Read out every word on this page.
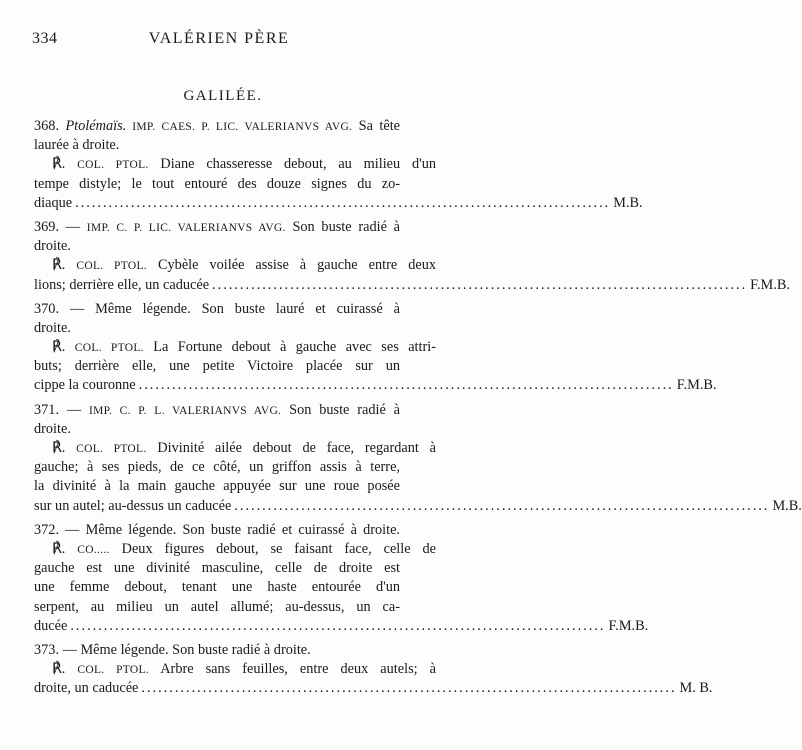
334	VALÉRIEN PÈRE
GALILÉE.
368. Ptolémaïs. IMP. CAES. P. LIC. VALERIANVS AVG. Sa tête
laurée à droite.
℟. COL. PTOL. Diane chasseresse debout, au milieu d'un
tempe distyle; le tout entouré des douze signes du zo-
diaque ................................................................................................ M.B.
369. — IMP. C. P. LIC. VALERIANVS AVG. Son buste radié à
droite.
℟. COL. PTOL. Cybèle voilée assise à gauche entre deux
lions; derrière elle, un caducée ................................................................................................ F.M.B.
370. — Même légende. Son buste lauré et cuirassé à
droite.
℟. COL. PTOL. La Fortune debout à gauche avec ses attri-
buts; derrière elle, une petite Victoire placée sur un
cippe la couronne ................................................................................................ F.M.B.
371. — IMP. C. P. L. VALERIANVS AVG. Son buste radié à
droite.
℟. COL. PTOL. Divinité ailée debout de face, regardant à
gauche; à ses pieds, de ce côté, un griffon assis à terre,
la divinité à la main gauche appuyée sur une roue posée
sur un autel; au-dessus un caducée ................................................................................................ M.B.
372. — Même légende. Son buste radié et cuirassé à droite.
℟. CO..... Deux figures debout, se faisant face, celle de
gauche est une divinité masculine, celle de droite est
une femme debout, tenant une haste entourée d'un
serpent, au milieu un autel allumé; au-dessus, un ca-
ducée ................................................................................................ F.M.B.
373. — Même légende. Son buste radié à droite.
℟. COL. PTOL. Arbre sans feuilles, entre deux autels; à
droite, un caducée ................................................................................................ M. B.
